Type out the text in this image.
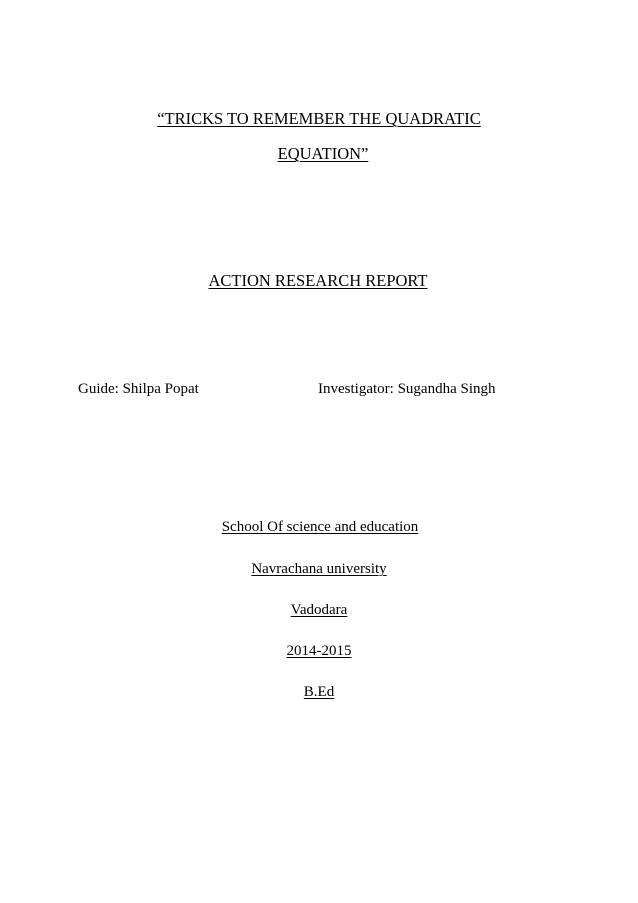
“TRICKS TO REMEMBER THE QUADRATIC
EQUATION”
ACTION RESEARCH REPORT
Guide: Shilpa Popat	Investigator: Sugandha Singh
School Of science and education
Navrachana university
Vadodara
2014-2015
B.Ed
